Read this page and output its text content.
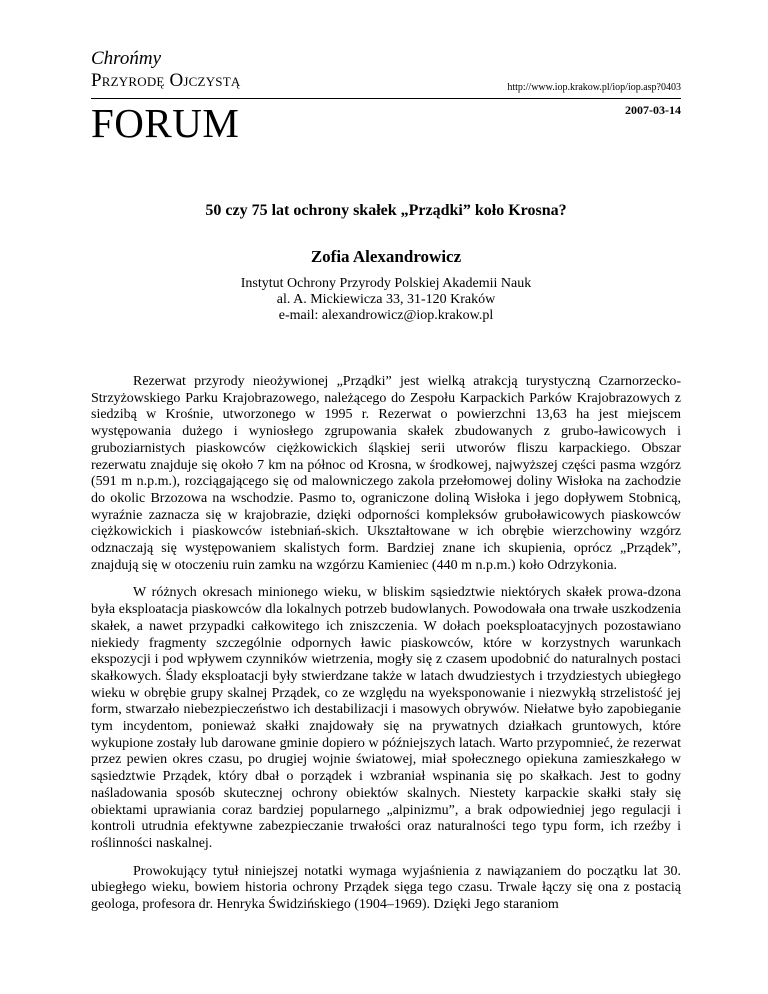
Chrońmy
Przyrodę Ojczystą	http://www.iop.krakow.pl/iop/iop.asp?0403
FORUM	2007-03-14
50 czy 75 lat ochrony skałek „Prządki” koło Krosna?
Zofia Alexandrowicz
Instytut Ochrony Przyrody Polskiej Akademii Nauk
al. A. Mickiewicza 33, 31-120 Kraków
e-mail: alexandrowicz@iop.krakow.pl

Rezerwat przyrody nieożywionej „Prządki” jest wielką atrakcją turystyczną Czarnorzecko-Strzyżowskiego Parku Krajobrazowego, należącego do Zespołu Karpackich Parków Krajobrazowych z siedzibą w Krośnie, utworzonego w 1995 r. Rezerwat o powierzchni 13,63 ha jest miejscem występowania dużego i wyniosłego zgrupowania skałek zbudowanych z grubo-ławicowych i gruboziarnistych piaskowców ciężkowickich śląskiej serii utworów fliszu karpackiego. Obszar rezerwatu znajduje się około 7 km na północ od Krosna, w środkowej, najwyższej części pasma wzgórz (591 m n.p.m.), rozciągającego się od malowniczego zakola przełomowej doliny Wisłoka na zachodzie do okolic Brzozowa na wschodzie. Pasmo to, ograniczone doliną Wisłoka i jego dopływem Stobnicą, wyraźnie zaznacza się w krajobrazie, dzięki odporności kompleksów gruboławicowych piaskowców ciężkowickich i piaskowców istebniań-skich. Ukształtowane w ich obrębie wierzchowiny wzgórz odznaczają się występowaniem skalistych form. Bardziej znane ich skupienia, oprócz „Prządek”, znajdują się w otoczeniu ruin zamku na wzgórzu Kamieniec (440 m n.p.m.) koło Odrzykonia.

W różnych okresach minionego wieku, w bliskim sąsiedztwie niektórych skałek prowa-dzona była eksploatacja piaskowców dla lokalnych potrzeb budowlanych. Powodowała ona trwałe uszkodzenia skałek, a nawet przypadki całkowitego ich zniszczenia. W dołach poeksploatacyjnych pozostawiano niekiedy fragmenty szczególnie odpornych ławic piaskowców, które w korzystnych warunkach ekspozycji i pod wpływem czynników wietrzenia, mogły się z czasem upodobnić do naturalnych postaci skałkowych. Ślady eksploatacji były stwierdzane także w latach dwudziestych i trzydziestych ubiegłego wieku w obrębie grupy skalnej Prządek, co ze względu na wyeksponowanie i niezwykłą strzelistość jej form, stwarzało niebezpieczeństwo ich destabilizacji i masowych obrywów. Niełatwe było zapobieganie tym incydentom, ponieważ skałki znajdowały się na prywatnych działkach gruntowych, które wykupione zostały lub darowane gminie dopiero w późniejszych latach. Warto przypomnieć, że rezerwat przez pewien okres czasu, po drugiej wojnie światowej, miał społecznego opiekuna zamieszkałego w sąsiedztwie Prządek, który dbał o porządek i wzbraniał wspinania się po skałkach. Jest to godny naśladowania sposób skutecznej ochrony obiektów skalnych. Niestety karpackie skałki stały się obiektami uprawiania coraz bardziej popularnego „alpinizmu”, a brak odpowiedniej jego regulacji i kontroli utrudnia efektywne zabezpieczanie trwałości oraz naturalności tego typu form, ich rzeźby i roślinności naskalnej.

Prowokujący tytuł niniejszej notatki wymaga wyjaśnienia z nawiązaniem do początku lat 30. ubiegłego wieku, bowiem historia ochrony Prządek sięga tego czasu. Trwale łączy się ona z postacią geologa, profesora dr. Henryka Świdzińskiego (1904–1969). Dzięki Jego staraniom
